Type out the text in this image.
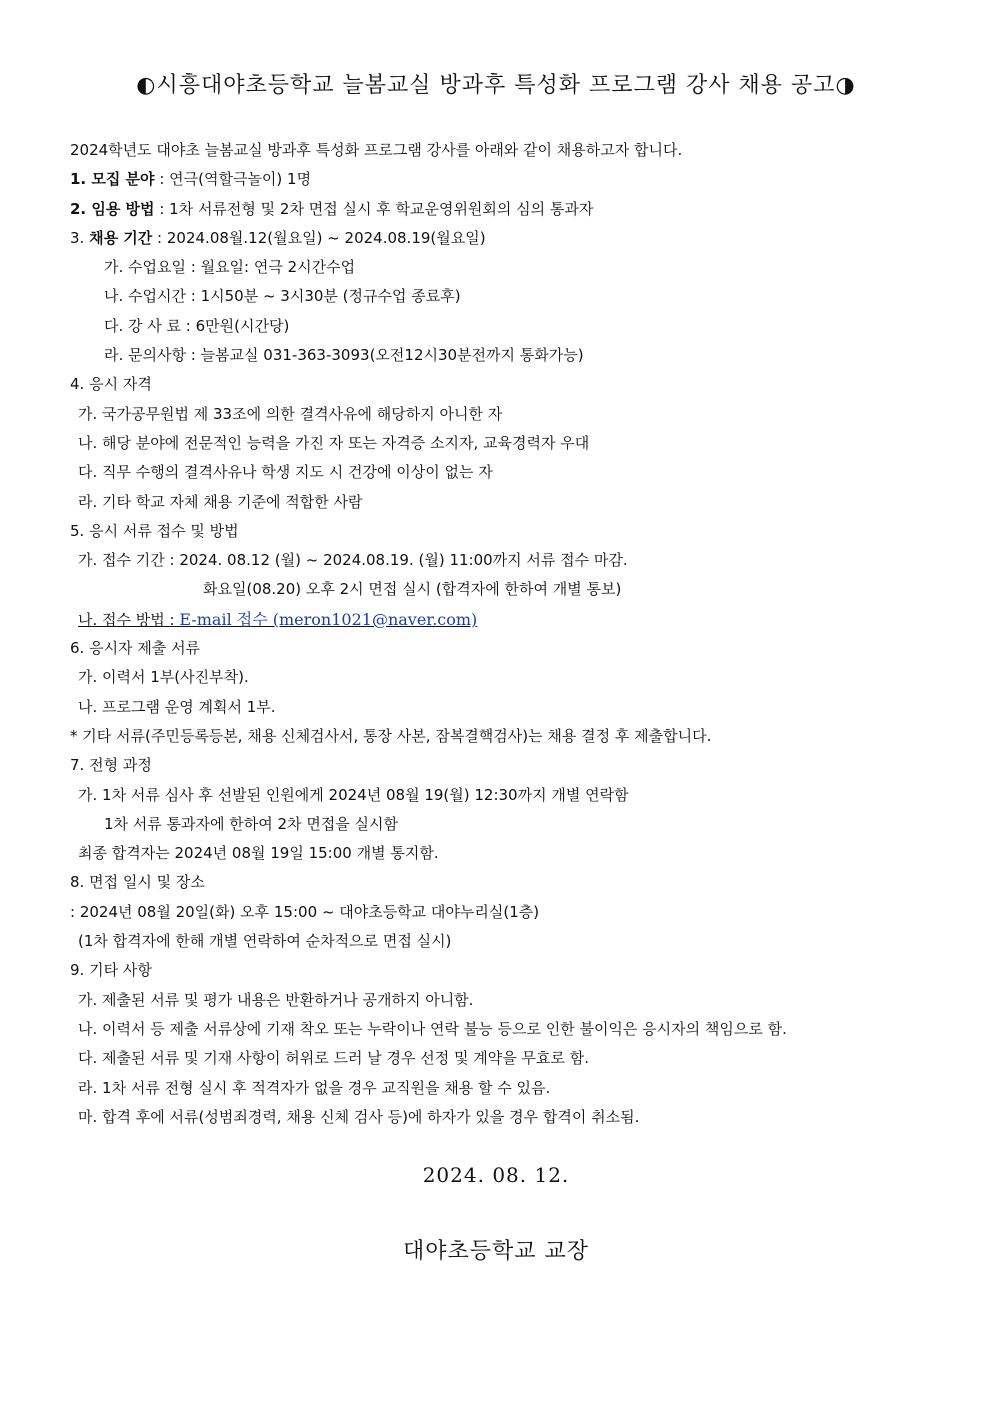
◐시흥대야초등학교 늘봄교실 방과후 특성화 프로그램 강사 채용 공고◑
2024학년도 대야초 늘봄교실 방과후 특성화 프로그램 강사를 아래와 같이 채용하고자 합니다.
1. 모집 분야 : 연극(역할극놀이) 1명
2. 임용 방법 : 1차 서류전형 및 2차 면접 실시 후 학교운영위원회의 심의 통과자
3. 채용 기간 : 2024.08월.12(월요일) ~ 2024.08.19(월요일)
가. 수업요일 : 월요일: 연극 2시간수업
나. 수업시간 : 1시50분 ~ 3시30분 (정규수업 종료후)
다. 강 사 료 : 6만원(시간당)
라. 문의사항 : 늘봄교실 031-363-3093(오전12시30분전까지 통화가능)
4. 응시 자격
가. 국가공무원법 제 33조에 의한 결격사유에 해당하지 아니한 자
나. 해당 분야에 전문적인 능력을 가진 자 또는 자격증 소지자, 교육경력자 우대
다. 직무 수행의 결격사유나 학생 지도 시 건강에 이상이 없는 자
라. 기타 학교 자체 채용 기준에 적합한 사람
5. 응시 서류 접수 및 방법
가. 접수 기간 : 2024. 08.12 (월) ~ 2024.08.19. (월) 11:00까지 서류 접수 마감.
화요일(08.20) 오후 2시 면접 실시 (합격자에 한하여 개별 통보)
나. 접수 방법 : E-mail 접수 (meron1021@naver.com)
6. 응시자 제출 서류
가. 이력서 1부(사진부착).
나. 프로그램 운영 계획서 1부.
* 기타 서류(주민등록등본, 채용 신체검사서, 통장 사본, 잠복결핵검사)는 채용 결정 후 제출합니다.
7. 전형 과정
가. 1차 서류 심사 후 선발된 인원에게 2024년 08월 19(월) 12:30까지 개별 연락함
1차 서류 통과자에 한하여 2차 면접을 실시함
최종 합격자는 2024년 08월 19일 15:00 개별 통지함.
8. 면접 일시 및 장소
: 2024년 08월 20일(화) 오후 15:00 ~ 대야초등학교 대야누리실(1층)
(1차 합격자에 한해 개별 연락하여 순차적으로 면접 실시)
9. 기타 사항
가. 제출된 서류 및 평가 내용은 반환하거나 공개하지 아니함.
나. 이력서 등 제출 서류상에 기재 착오 또는 누락이나 연락 불능 등으로 인한 불이익은 응시자의 책임으로 함.
다. 제출된 서류 및 기재 사항이 허위로 드러 날 경우 선정 및 계약을 무효로 함.
라. 1차 서류 전형 실시 후 적격자가 없을 경우 교직원을 채용 할 수 있음.
마. 합격 후에 서류(성범죄경력, 채용 신체 검사 등)에 하자가 있을 경우 합격이 취소됨.
2024. 08. 12.
대야초등학교 교장
